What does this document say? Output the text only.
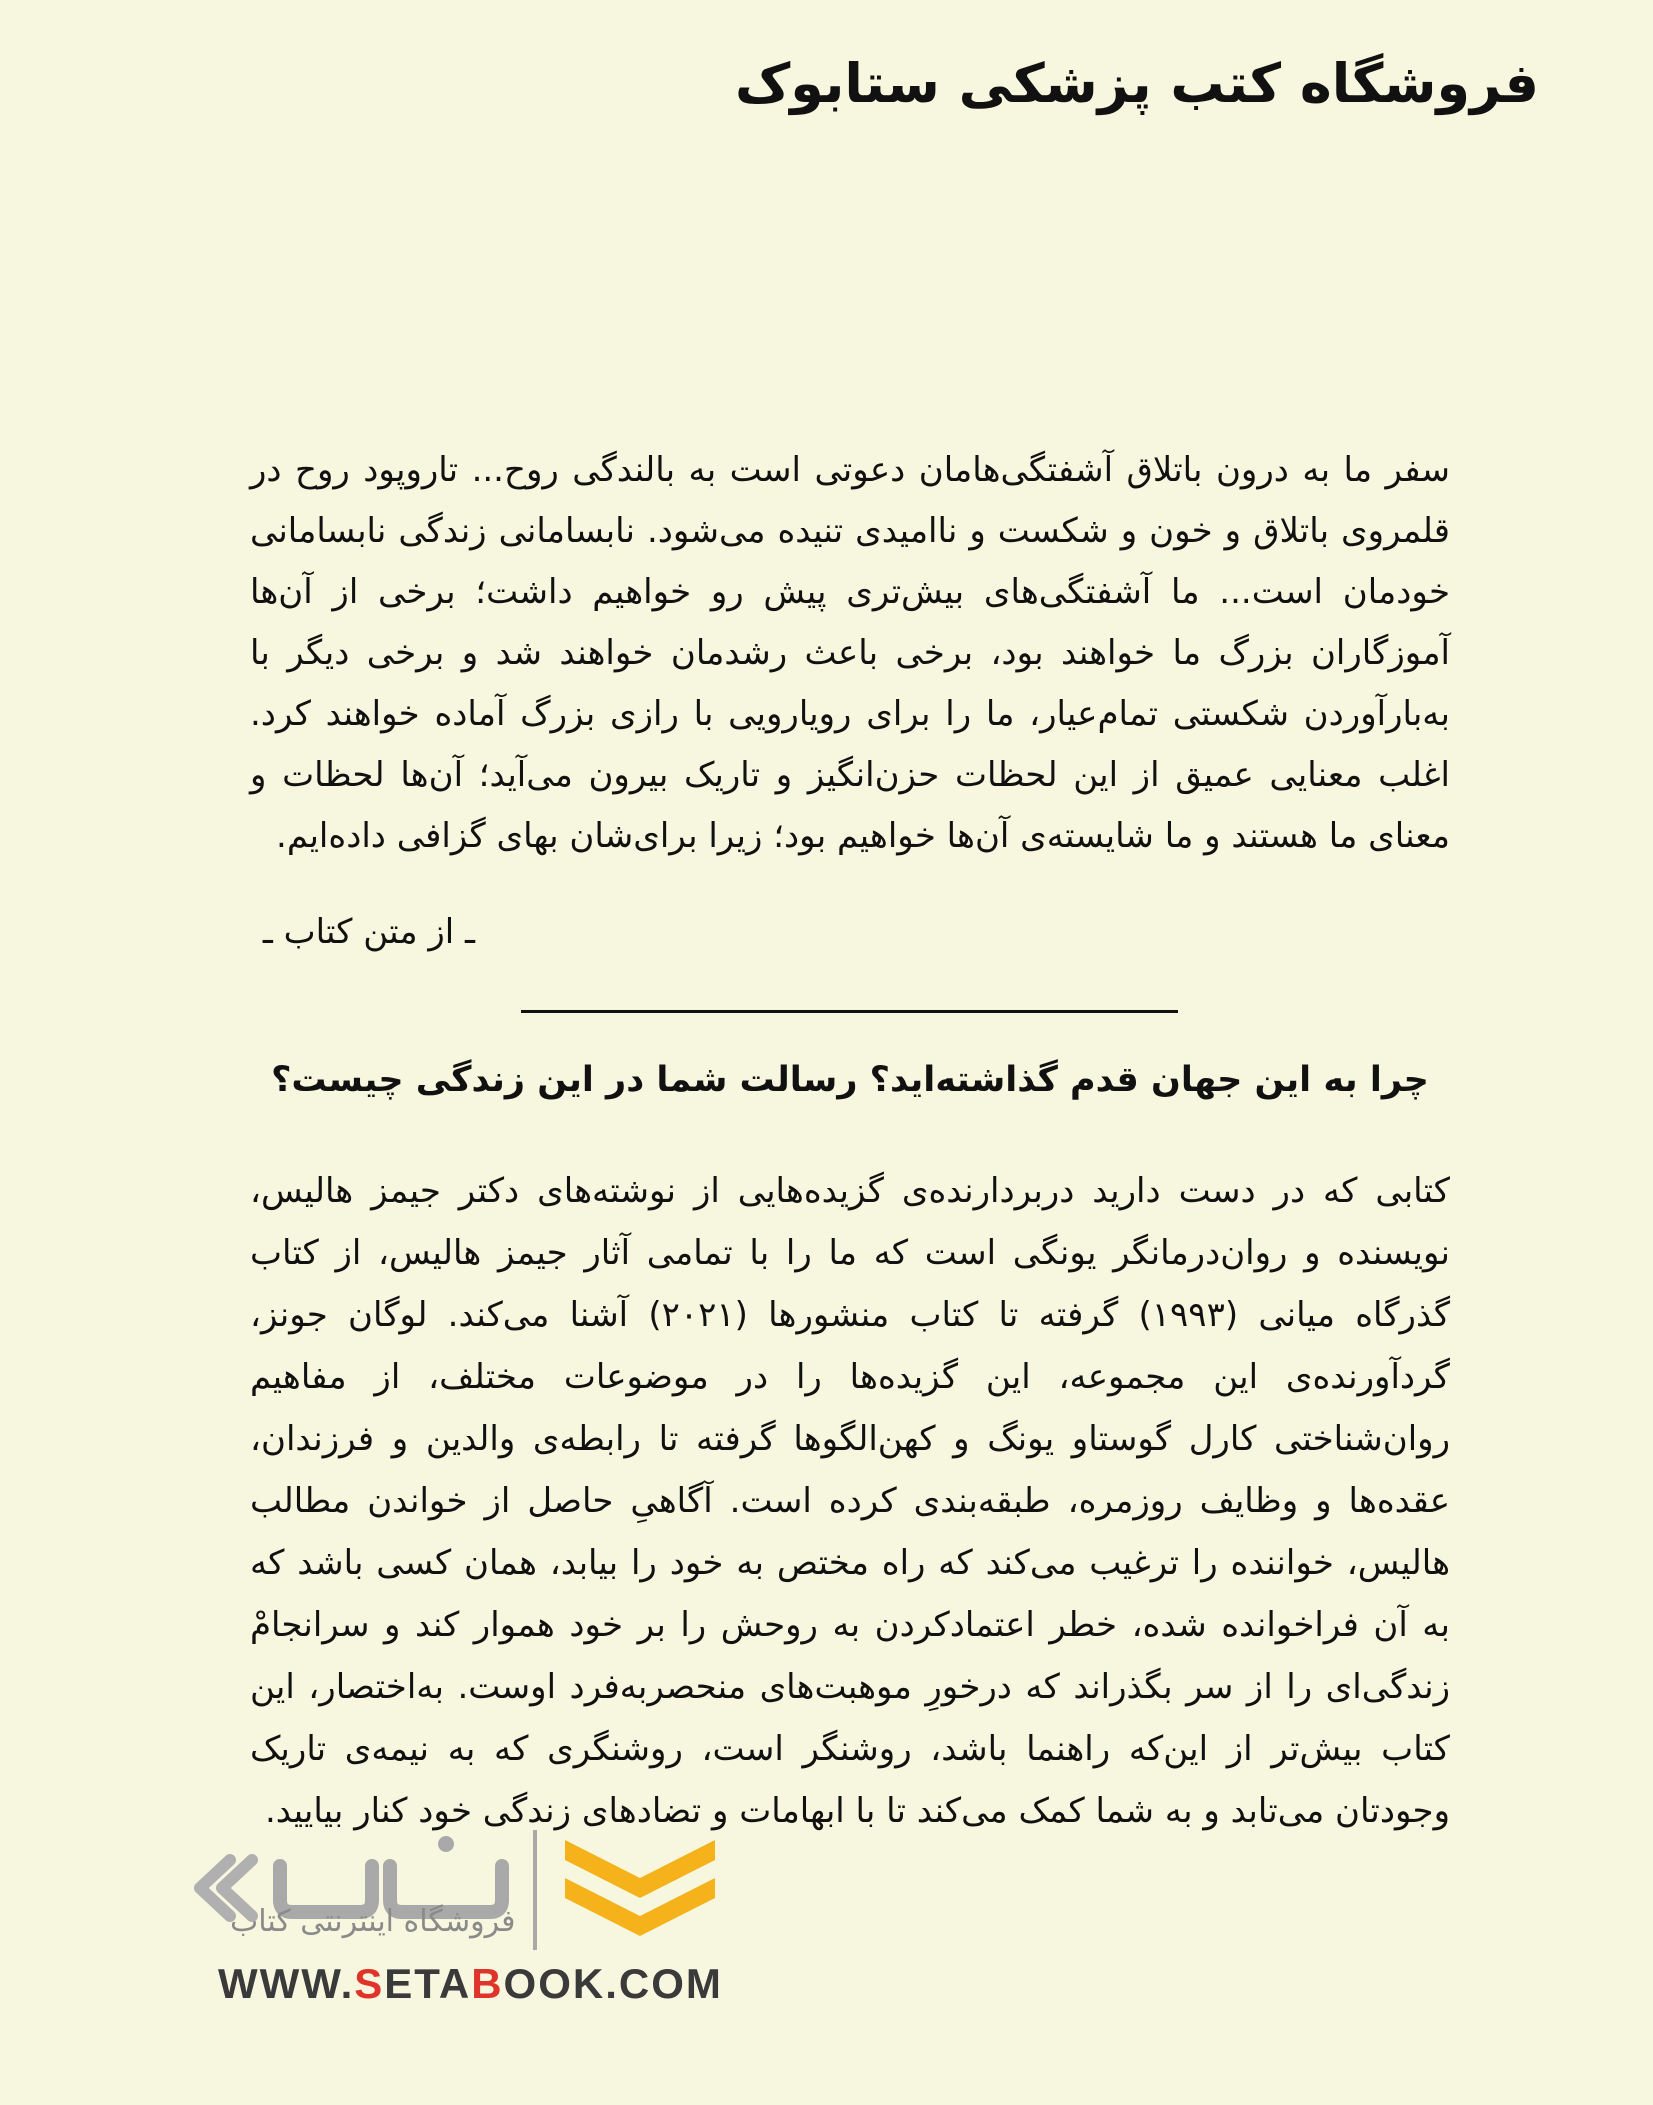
فروشگاه کتب پزشکی ستابوک
سفر ما به درون باتلاق آشفتگی‌هامان دعوتی است به بالندگی روح... تاروپود روح در قلمروی باتلاق و خون و شکست و ناامیدی تنیده می‌شود. نابسامانی زندگی نابسامانی خودمان است... ما آشفتگی‌های بیش‌تری پیش رو خواهیم داشت؛ برخی از آن‌ها آموزگاران بزرگ ما خواهند بود، برخی باعث رشدمان خواهند شد و برخی دیگر با به‌بارآوردن شکستی تمام‌عیار، ما را برای رویارویی با رازی بزرگ آماده خواهند کرد. اغلب معنایی عمیق از این لحظات حزن‌انگیز و تاریک بیرون می‌آید؛ آن‌ها لحظات و معنای ما هستند و ما شایسته‌ی آن‌ها خواهیم بود؛ زیرا برای‌شان بهای گزافی داده‌ایم.
ـ از متن کتاب ـ
چرا به این جهان قدم گذاشته‌اید؟ رسالت شما در این زندگی چیست؟
کتابی که در دست دارید دربردارنده‌ی گزیده‌هایی از نوشته‌های دکتر جیمز هالیس، نویسنده و روان‌درمانگر یونگی است که ما را با تمامی آثار جیمز هالیس، از کتاب گذرگاه میانی (۱۹۹۳) گرفته تا کتاب منشورها (۲۰۲۱) آشنا می‌کند. لوگان جونز، گردآورنده‌ی این مجموعه، این گزیده‌ها را در موضوعات مختلف، از مفاهیم روان‌شناختی کارل گوستاو یونگ و کهن‌الگوها گرفته تا رابطه‌ی والدین و فرزندان، عقده‌ها و وظایف روزمره، طبقه‌بندی کرده است. آگاهیِ حاصل از خواندن مطالب هالیس، خواننده را ترغیب می‌کند که راه مختص به خود را بیابد، همان کسی باشد که به آن فراخوانده شده، خطر اعتمادکردن به روحش را بر خود هموار کند و سرانجامْ زندگی‌ای را از سر بگذراند که درخورِ موهبت‌های منحصربه‌فرد اوست. به‌اختصار، این کتاب بیش‌تر از این‌که راهنما باشد، روشنگر است، روشنگری که به نیمه‌ی تاریک وجودتان می‌تابد و به شما کمک می‌کند تا با ابهامات و تضادهای زندگی خود کنار بیایید.
فروشگاه اینترنتی کتاب
WWW.SETABOOK.COM
